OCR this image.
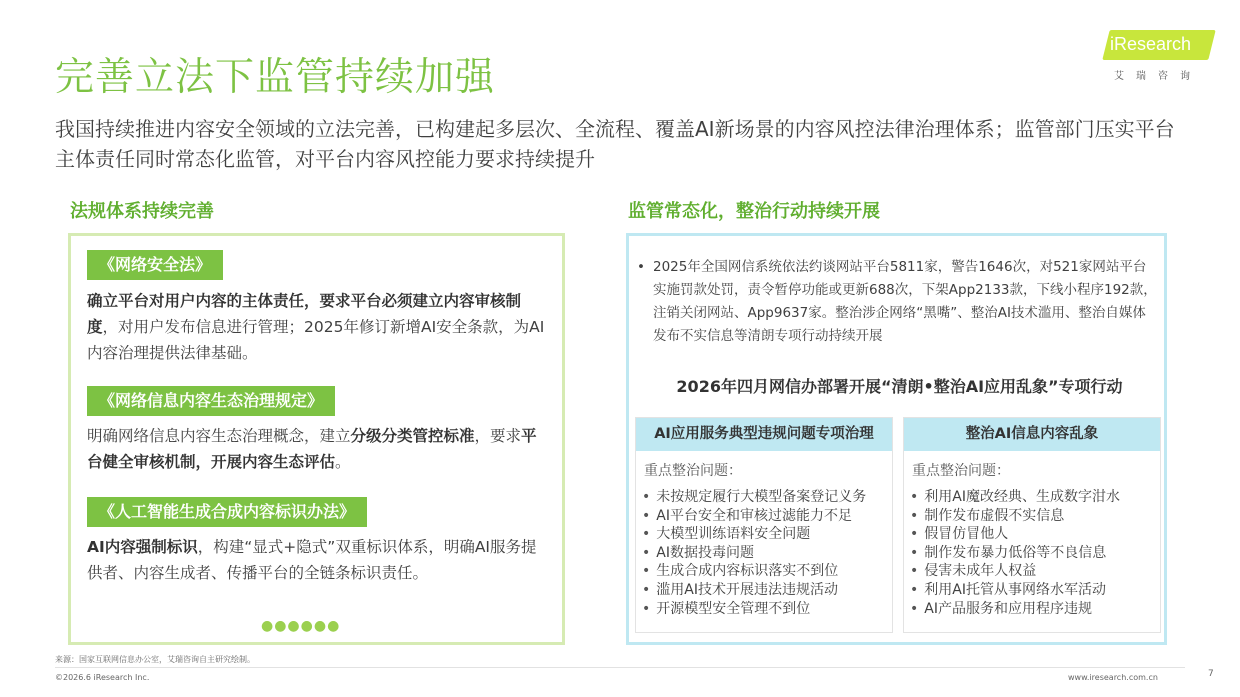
完善立法下监管持续加强
我国持续推进内容安全领域的立法完善，已构建起多层次、全流程、覆盖AI新场景的内容风控法律治理体系；监管部门压实平台主体责任同时常态化监管，对平台内容风控能力要求持续提升
iResearch
艾瑞咨询
法规体系持续完善	监管常态化，整治行动持续开展
《网络安全法》
确立平台对用户内容的主体责任，要求平台必须建立内容审核制度，对用户发布信息进行管理；2025年修订新增AI安全条款，为AI内容治理提供法律基础。
《网络信息内容生态治理规定》
明确网络信息内容生态治理概念，建立分级分类管控标准，要求平台健全审核机制，开展内容生态评估。
《人工智能生成合成内容标识办法》
AI内容强制标识，构建“显式+隐式”双重标识体系，明确AI服务提供者、内容生成者、传播平台的全链条标识责任。
●●●●●●
• 2025年全国网信系统依法约谈网站平台5811家，警告1646次，对521家网站平台实施罚款处罚，责令暂停功能或更新688次，下架App2133款，下线小程序192款，注销关闭网站、App9637家。整治涉企网络“黑嘴”、整治AI技术滥用、整治自媒体发布不实信息等清朗专项行动持续开展
2026年四月网信办部署开展“清朗•整治AI应用乱象”专项行动
AI应用服务典型违规问题专项治理
重点整治问题：
• 未按规定履行大模型备案登记义务
• AI平台安全和审核过滤能力不足
• 大模型训练语料安全问题
• AI数据投毒问题
• 生成合成内容标识落实不到位
• 滥用AI技术开展违法违规活动
• 开源模型安全管理不到位
整治AI信息内容乱象
重点整治问题：
• 利用AI魔改经典、生成数字泔水
• 制作发布虚假不实信息
• 假冒仿冒他人
• 制作发布暴力低俗等不良信息
• 侵害未成年人权益
• 利用AI托管从事网络水军活动
• AI产品服务和应用程序违规
来源：国家互联网信息办公室，艾瑞咨询自主研究绘制。
©2026.6 iResearch Inc.	www.iresearch.com.cn	7
